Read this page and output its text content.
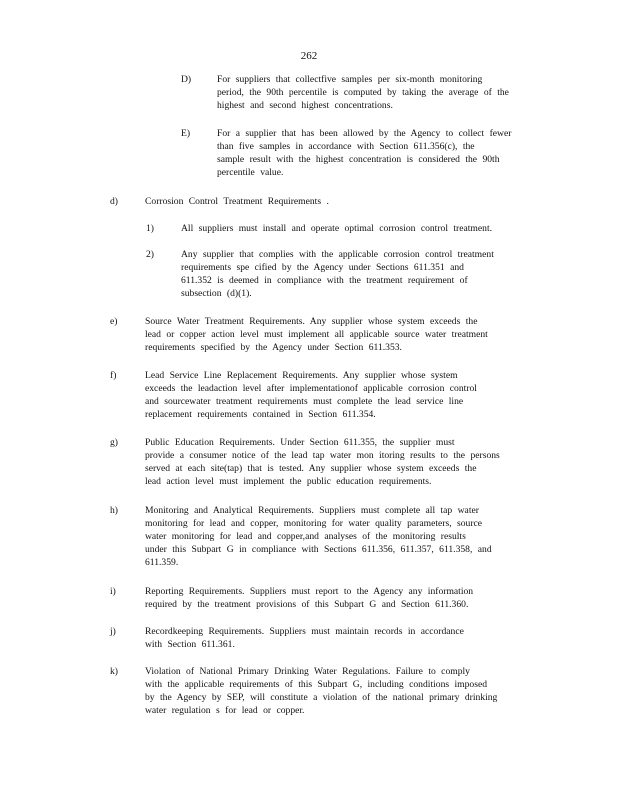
262
D)	For suppliers that collectfive samples per six-month monitoring
period, the 90th percentile is computed by taking the average of the
highest and second highest concentrations.
E)	For a supplier that has been allowed by the Agency to collect fewer
than five samples in accordance with Section 611.356(c), the
sample result with the highest concentration is considered the 90th
percentile value.
d)	Corrosion Control Treatment Requirements .
1)	All suppliers must install and operate optimal corrosion control treatment.
2)	Any supplier that complies with the applicable corrosion control treatment
requirements spe cified by the Agency under Sections 611.351 and
611.352 is deemed in compliance with the treatment requirement of
subsection (d)(1).
e)	Source Water Treatment Requirements. Any supplier whose system exceeds the
lead or copper action level must implement all applicable source water treatment
requirements specified by the Agency under Section 611.353.
f)	Lead Service Line Replacement Requirements. Any supplier whose system
exceeds the leadaction level after implementationof applicable corrosion control
and sourcewater treatment requirements must complete the lead service line
replacement requirements contained in Section 611.354.
g)	Public Education Requirements. Under Section 611.355, the supplier must
provide a consumer notice of the lead tap water mon itoring results to the persons
served at each site(tap) that is tested. Any supplier whose system exceeds the
lead action level must implement the public education requirements.
h)	Monitoring and Analytical Requirements. Suppliers must complete all tap water
monitoring for lead and copper, monitoring for water quality parameters, source
water monitoring for lead and copper,and analyses of the monitoring results
under this Subpart G in compliance with Sections 611.356, 611.357, 611.358, and
611.359.
i)	Reporting Requirements. Suppliers must report to the Agency any information
required by the treatment provisions of this Subpart G and Section 611.360.
j)	Recordkeeping Requirements. Suppliers must maintain records in accordance
with Section 611.361.
k)	Violation of National Primary Drinking Water Regulations. Failure to comply
with the applicable requirements of this Subpart G, including conditions imposed
by the Agency by SEP, will constitute a violation of the national primary drinking
water regulation s for lead or copper.
